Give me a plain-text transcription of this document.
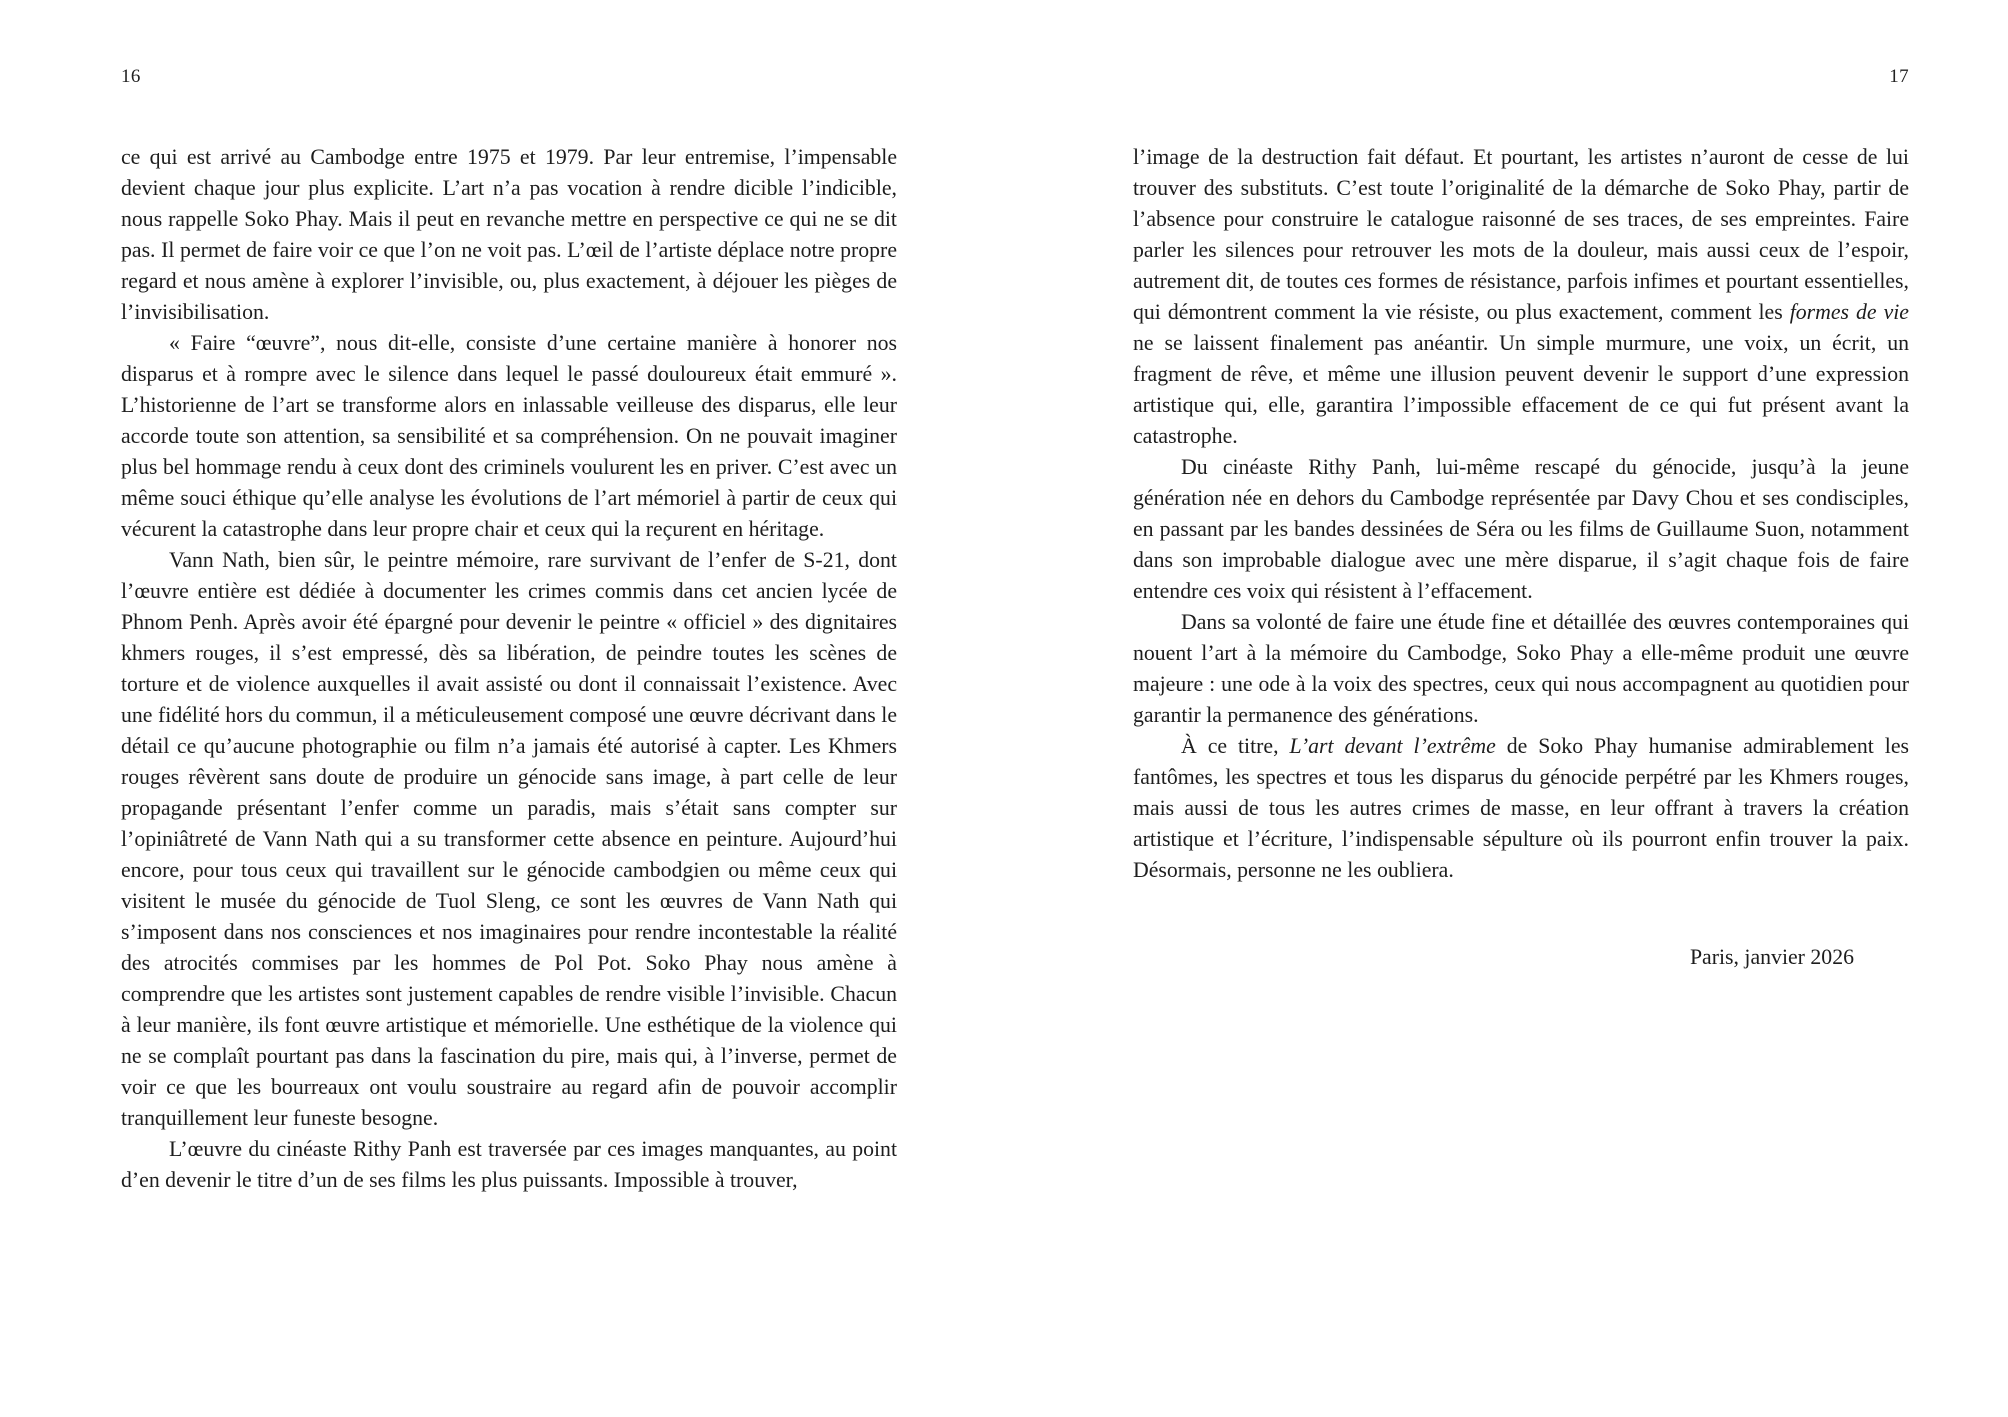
16

ce qui est arrivé au Cambodge entre 1975 et 1979. Par leur entremise, l’impensable devient chaque jour plus explicite. L’art n’a pas vocation à rendre dicible l’indicible, nous rappelle Soko Phay. Mais il peut en revanche mettre en perspective ce qui ne se dit pas. Il permet de faire voir ce que l’on ne voit pas. L’œil de l’artiste déplace notre propre regard et nous amène à explorer l’invisible, ou, plus exactement, à déjouer les pièges de l’invisibilisation.

« Faire “œuvre”, nous dit-elle, consiste d’une certaine manière à honorer nos disparus et à rompre avec le silence dans lequel le passé douloureux était emmuré ». L’historienne de l’art se transforme alors en inlassable veilleuse des disparus, elle leur accorde toute son attention, sa sensibilité et sa compréhension. On ne pouvait imaginer plus bel hommage rendu à ceux dont des criminels voulurent les en priver. C’est avec un même souci éthique qu’elle analyse les évolutions de l’art mémoriel à partir de ceux qui vécurent la catastrophe dans leur propre chair et ceux qui la reçurent en héritage.

Vann Nath, bien sûr, le peintre mémoire, rare survivant de l’enfer de S-21, dont l’œuvre entière est dédiée à documenter les crimes commis dans cet ancien lycée de Phnom Penh. Après avoir été épargné pour devenir le peintre « officiel » des dignitaires khmers rouges, il s’est empressé, dès sa libération, de peindre toutes les scènes de torture et de violence auxquelles il avait assisté ou dont il connaissait l’existence. Avec une fidélité hors du commun, il a méticuleusement composé une œuvre décrivant dans le détail ce qu’aucune photographie ou film n’a jamais été autorisé à capter. Les Khmers rouges rêvèrent sans doute de produire un génocide sans image, à part celle de leur propagande présentant l’enfer comme un paradis, mais s’était sans compter sur l’opiniâtreté de Vann Nath qui a su transformer cette absence en peinture. Aujourd’hui encore, pour tous ceux qui travaillent sur le génocide cambodgien ou même ceux qui visitent le musée du génocide de Tuol Sleng, ce sont les œuvres de Vann Nath qui s’imposent dans nos consciences et nos imaginaires pour rendre incontestable la réalité des atrocités commises par les hommes de Pol Pot. Soko Phay nous amène à comprendre que les artistes sont justement capables de rendre visible l’invisible. Chacun à leur manière, ils font œuvre artistique et mémorielle. Une esthétique de la violence qui ne se complaît pourtant pas dans la fascination du pire, mais qui, à l’inverse, permet de voir ce que les bourreaux ont voulu soustraire au regard afin de pouvoir accomplir tranquillement leur funeste besogne.

L’œuvre du cinéaste Rithy Panh est traversée par ces images manquantes, au point d’en devenir le titre d’un de ses films les plus puissants. Impossible à trouver,

17

l’image de la destruction fait défaut. Et pourtant, les artistes n’auront de cesse de lui trouver des substituts. C’est toute l’originalité de la démarche de Soko Phay, partir de l’absence pour construire le catalogue raisonné de ses traces, de ses empreintes. Faire parler les silences pour retrouver les mots de la douleur, mais aussi ceux de l’espoir, autrement dit, de toutes ces formes de résistance, parfois infimes et pourtant essentielles, qui démontrent comment la vie résiste, ou plus exactement, comment les formes de vie ne se laissent finalement pas anéantir. Un simple murmure, une voix, un écrit, un fragment de rêve, et même une illusion peuvent devenir le support d’une expression artistique qui, elle, garantira l’impossible effacement de ce qui fut présent avant la catastrophe.

Du cinéaste Rithy Panh, lui-même rescapé du génocide, jusqu’à la jeune génération née en dehors du Cambodge représentée par Davy Chou et ses condisciples, en passant par les bandes dessinées de Séra ou les films de Guillaume Suon, notamment dans son improbable dialogue avec une mère disparue, il s’agit chaque fois de faire entendre ces voix qui résistent à l’effacement.

Dans sa volonté de faire une étude fine et détaillée des œuvres contemporaines qui nouent l’art à la mémoire du Cambodge, Soko Phay a elle-même produit une œuvre majeure : une ode à la voix des spectres, ceux qui nous accompagnent au quotidien pour garantir la permanence des générations.

À ce titre, L’art devant l’extrême de Soko Phay humanise admirablement les fantômes, les spectres et tous les disparus du génocide perpétré par les Khmers rouges, mais aussi de tous les autres crimes de masse, en leur offrant à travers la création artistique et l’écriture, l’indispensable sépulture où ils pourront enfin trouver la paix. Désormais, personne ne les oubliera.

Paris, janvier 2026
